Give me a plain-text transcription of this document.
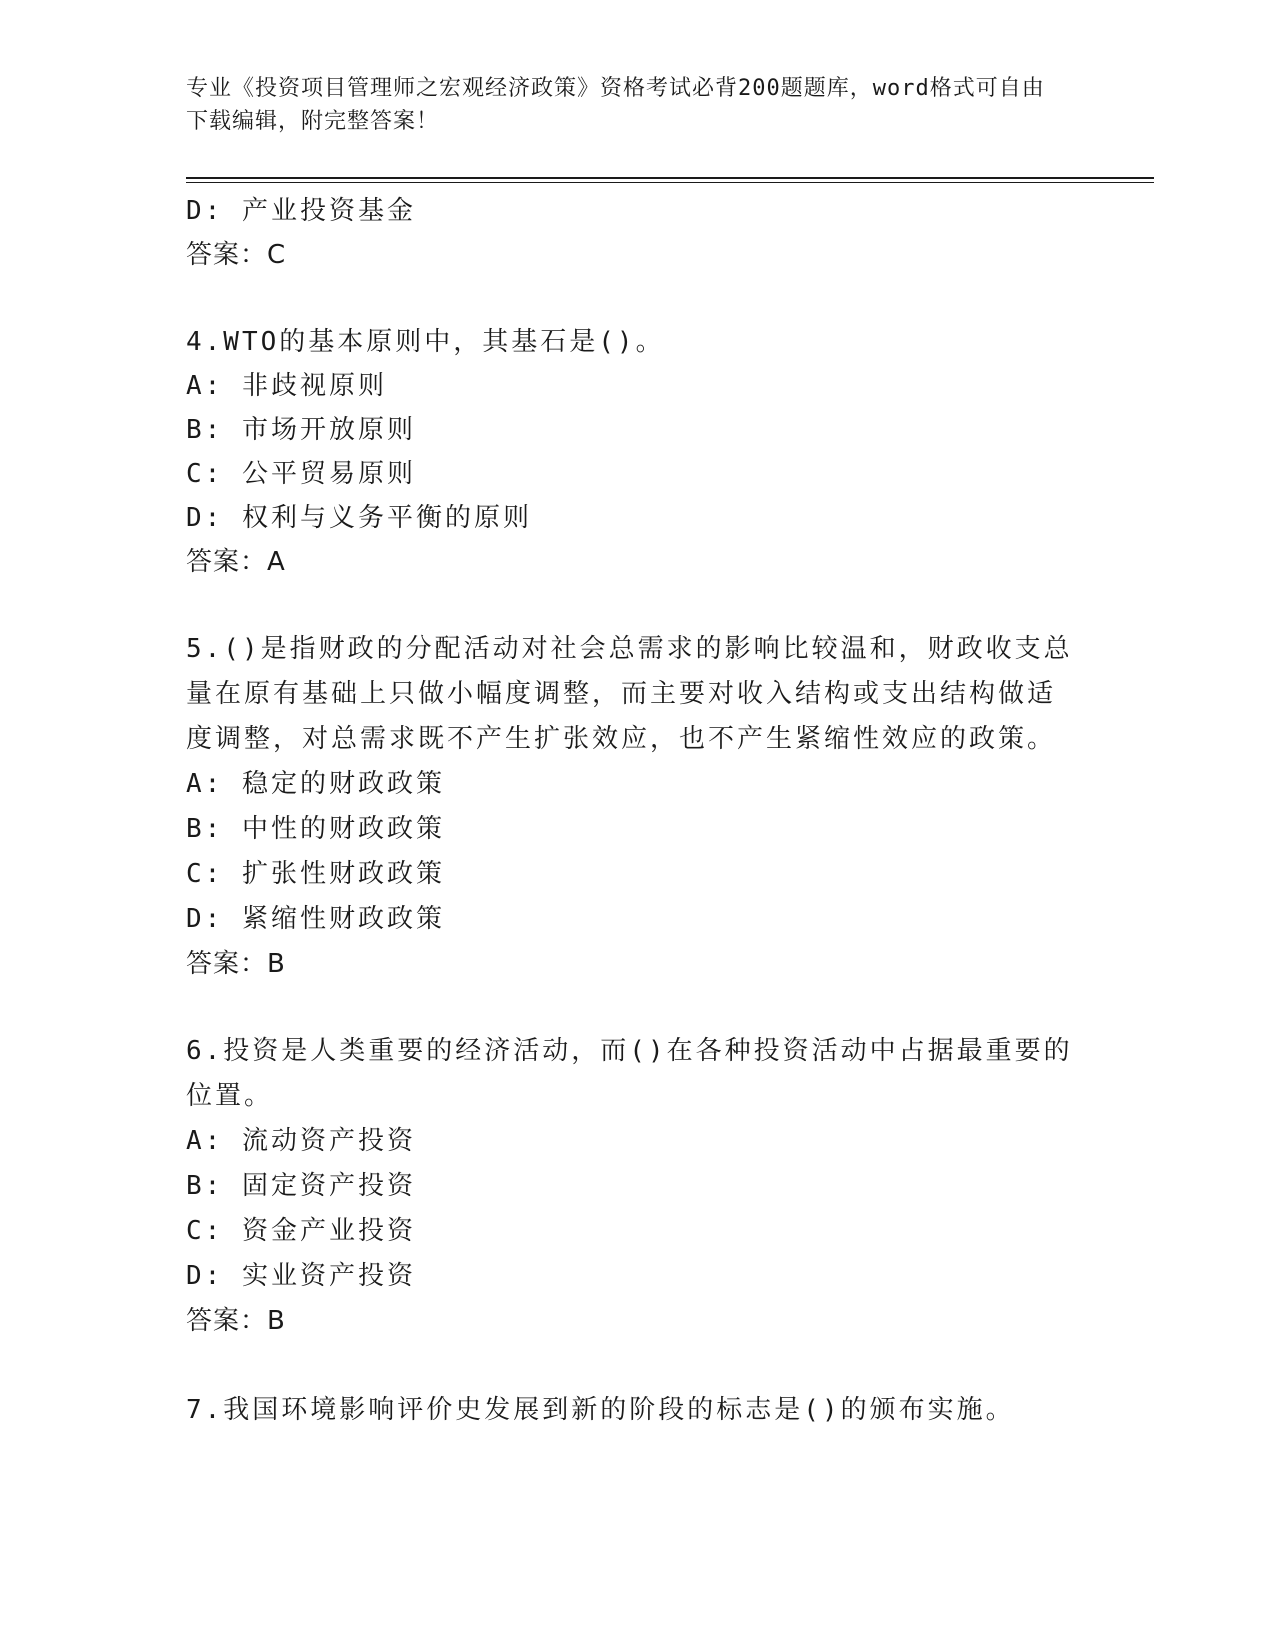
专业《投资项目管理师之宏观经济政策》资格考试必背200题题库，word格式可自由下载编辑，附完整答案！
D: 产业投资基金
答案：C
4.WTO的基本原则中，其基石是()。
A: 非歧视原则
B: 市场开放原则
C: 公平贸易原则
D: 权利与义务平衡的原则
答案：A
5.()是指财政的分配活动对社会总需求的影响比较温和，财政收支总
量在原有基础上只做小幅度调整，而主要对收入结构或支出结构做适
度调整，对总需求既不产生扩张效应，也不产生紧缩性效应的政策。
A: 稳定的财政政策
B: 中性的财政政策
C: 扩张性财政政策
D: 紧缩性财政政策
答案：B
6.投资是人类重要的经济活动，而()在各种投资活动中占据最重要的
位置。
A: 流动资产投资
B: 固定资产投资
C: 资金产业投资
D: 实业资产投资
答案：B
7.我国环境影响评价史发展到新的阶段的标志是()的颁布实施。
